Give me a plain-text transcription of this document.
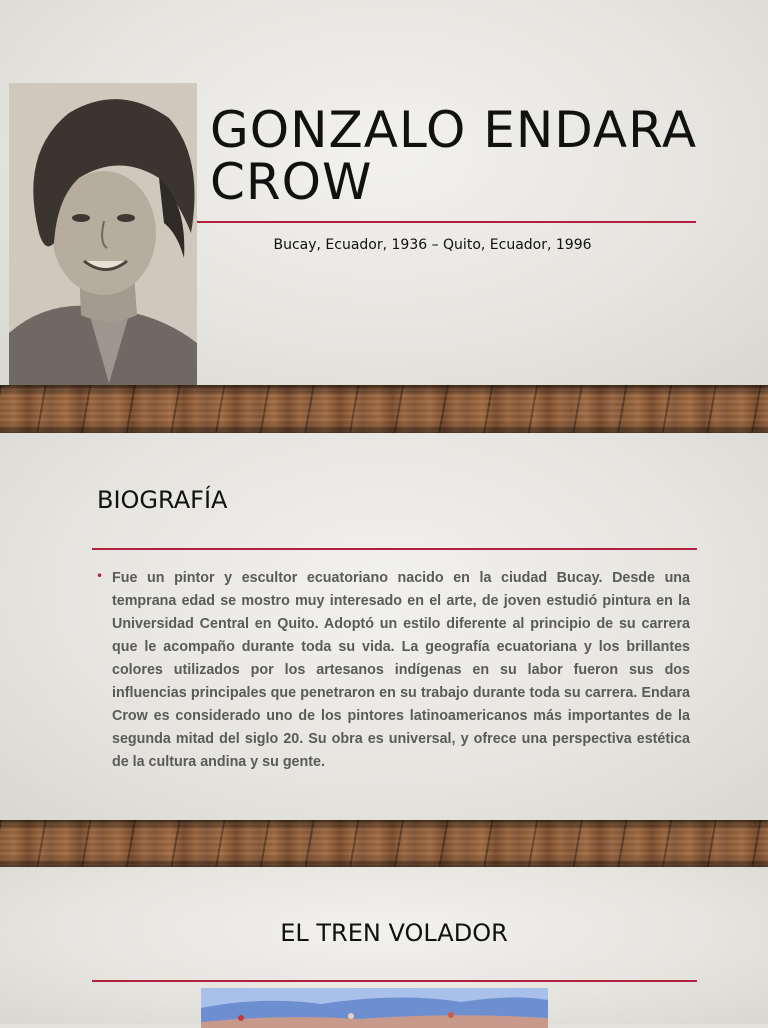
GONZALO ENDARA CROW
Bucay, Ecuador, 1936 – Quito, Ecuador, 1996
BIOGRAFÍA
• Fue un pintor y escultor ecuatoriano nacido en la ciudad Bucay. Desde una temprana edad se mostro muy interesado en el arte, de joven estudió pintura en la Universidad Central en Quito. Adoptó un estilo diferente al principio de su carrera que le acompaño durante toda su vida. La geografía ecuatoriana y los brillantes colores utilizados por los artesanos indígenas en su labor fueron sus dos influencias principales que penetraron en su trabajo durante toda su carrera. Endara Crow es considerado uno de los pintores latinoamericanos más importantes de la segunda mitad del siglo 20. Su obra es universal, y ofrece una perspectiva estética de la cultura andina y su gente.
EL TREN VOLADOR
